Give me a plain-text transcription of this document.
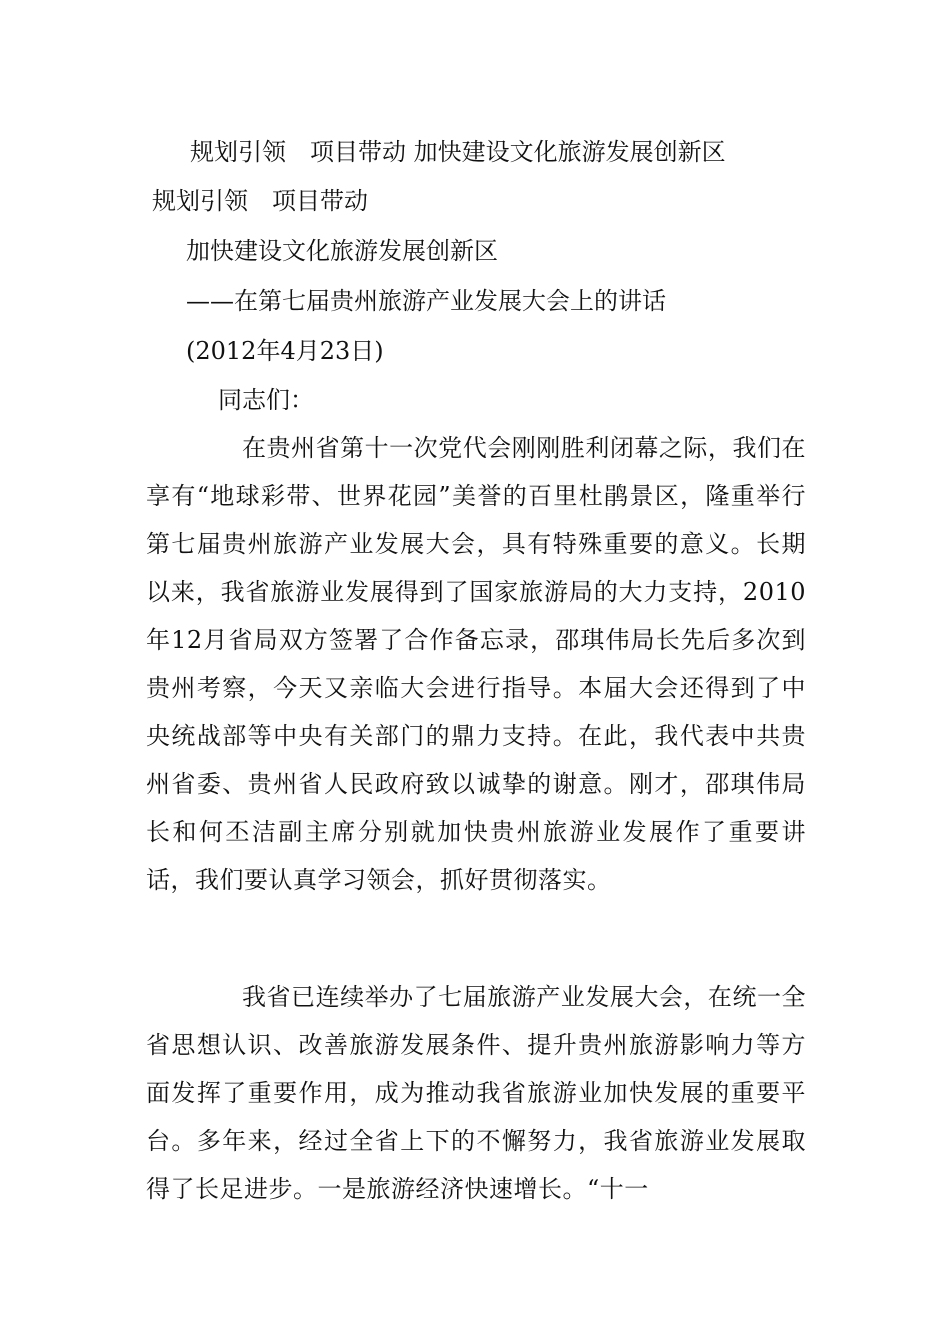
规划引领　项目带动 加快建设文化旅游发展创新区
规划引领　项目带动
加快建设文化旅游发展创新区
——在第七届贵州旅游产业发展大会上的讲话
(2012年4月23日)
同志们：

在贵州省第十一次党代会刚刚胜利闭幕之际，我们在享有“地球彩带、世界花园”美誉的百里杜鹃景区，隆重举行第七届贵州旅游产业发展大会，具有特殊重要的意义。长期以来，我省旅游业发展得到了国家旅游局的大力支持，2010年12月省局双方签署了合作备忘录，邵琪伟局长先后多次到贵州考察，今天又亲临大会进行指导。本届大会还得到了中央统战部等中央有关部门的鼎力支持。在此，我代表中共贵州省委、贵州省人民政府致以诚挚的谢意。刚才，邵琪伟局长和何丕洁副主席分别就加快贵州旅游业发展作了重要讲话，我们要认真学习领会，抓好贯彻落实。

我省已连续举办了七届旅游产业发展大会，在统一全省思想认识、改善旅游发展条件、提升贵州旅游影响力等方面发挥了重要作用，成为推动我省旅游业加快发展的重要平台。多年来，经过全省上下的不懈努力，我省旅游业发展取得了长足进步。一是旅游经济快速增长。“十一
